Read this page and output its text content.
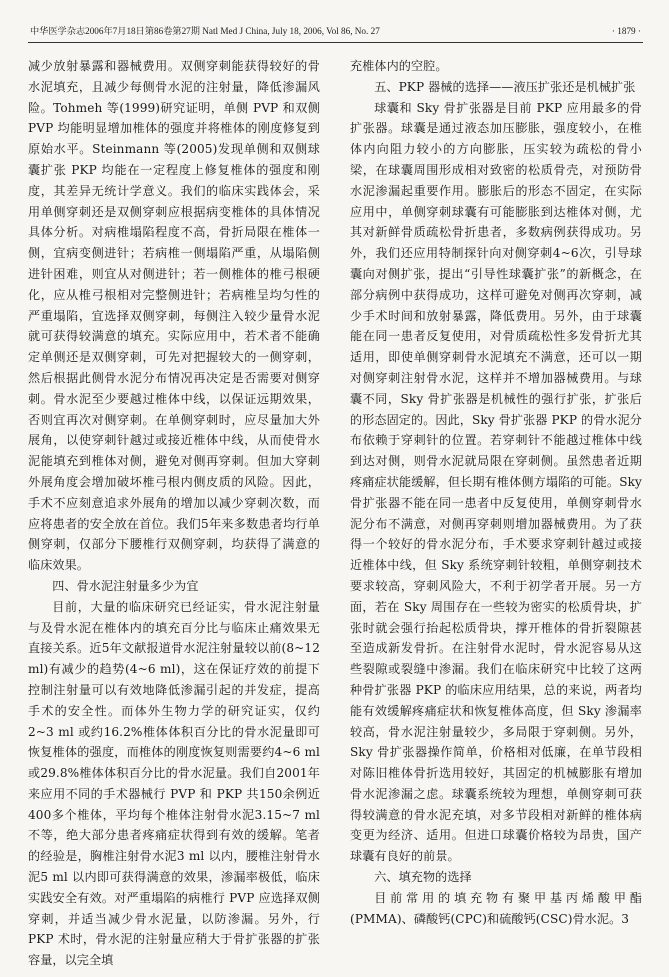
中华医学杂志2006年7月18日第86卷第27期 Natl Med J China, July 18, 2006, Vol 86, No. 27	· 1879 ·

减少放射暴露和器械费用。双侧穿刺能获得较好的骨水泥填充，且减少每侧骨水泥的注射量，降低渗漏风险。Tohmeh 等(1999)研究证明，单侧 PVP 和双侧 PVP 均能明显增加椎体的强度并将椎体的刚度修复到原始水平。Steinmann 等(2005)发现单侧和双侧球囊扩张 PKP 均能在一定程度上修复椎体的强度和刚度，其差异无统计学意义。我们的临床实践体会，采用单侧穿刺还是双侧穿刺应根据病变椎体的具体情况具体分析。对病椎塌陷程度不高，骨折局限在椎体一侧，宜病变侧进针；若病椎一侧塌陷严重，从塌陷侧进针困难，则宜从对侧进针；若一侧椎体的椎弓根硬化，应从椎弓根相对完整侧进针；若病椎呈均匀性的严重塌陷，宜选择双侧穿刺，每侧注入较少量骨水泥就可获得较满意的填充。实际应用中，若术者不能确定单侧还是双侧穿刺，可先对把握较大的一侧穿刺，然后根据此侧骨水泥分布情况再决定是否需要对侧穿刺。骨水泥至少要越过椎体中线，以保证远期效果，否则宜再次对侧穿刺。在单侧穿刺时，应尽量加大外展角，以使穿刺针越过或接近椎体中线，从而使骨水泥能填充到椎体对侧，避免对侧再穿刺。但加大穿刺外展角度会增加破坏椎弓根内侧皮质的风险。因此，手术不应刻意追求外展角的增加以减少穿刺次数，而应将患者的安全放在首位。我们5年来多数患者均行单侧穿刺，仅部分下腰椎行双侧穿刺，均获得了满意的临床效果。

四、骨水泥注射量多少为宜

目前，大量的临床研究已经证实，骨水泥注射量与及骨水泥在椎体内的填充百分比与临床止痛效果无直接关系。近5年文献报道骨水泥注射量较以前(8~12 ml)有减少的趋势(4~6 ml)，这在保证疗效的前提下控制注射量可以有效地降低渗漏引起的并发症，提高手术的安全性。而体外生物力学的研究证实，仅约2~3 ml 或约16.2%椎体体积百分比的骨水泥量即可恢复椎体的强度，而椎体的刚度恢复则需要约4~6 ml 或29.8%椎体体积百分比的骨水泥量。我们自2001年来应用不同的手术器械行 PVP 和 PKP 共150余例近400多个椎体，平均每个椎体注射骨水泥3.15~7 ml 不等，绝大部分患者疼痛症状得到有效的缓解。笔者的经验是，胸椎注射骨水泥3 ml 以内，腰椎注射骨水泥5 ml 以内即可获得满意的效果，渗漏率极低，临床实践安全有效。对严重塌陷的病椎行 PVP 应选择双侧穿刺，并适当减少骨水泥量，以防渗漏。另外，行 PKP 术时，骨水泥的注射量应稍大于骨扩张器的扩张容量，以完全填

充椎体内的空腔。

五、PKP 器械的选择——液压扩张还是机械扩张

球囊和 Sky 骨扩张器是目前 PKP 应用最多的骨扩张器。球囊是通过液态加压膨胀，强度较小，在椎体内向阻力较小的方向膨胀，压实较为疏松的骨小梁，在球囊周围形成相对致密的松质骨壳，对预防骨水泥渗漏起重要作用。膨胀后的形态不固定，在实际应用中，单侧穿刺球囊有可能膨胀到达椎体对侧，尤其对新鲜骨质疏松骨折患者，多数病例获得成功。另外，我们还应用特制探针向对侧穿刺4~6次，引导球囊向对侧扩张，提出“引导性球囊扩张”的新概念，在部分病例中获得成功，这样可避免对侧再次穿刺，减少手术时间和放射暴露，降低费用。另外，由于球囊能在同一患者反复使用，对骨质疏松性多发骨折尤其适用，即使单侧穿刺骨水泥填充不满意，还可以一期对侧穿刺注射骨水泥，这样并不增加器械费用。与球囊不同，Sky 骨扩张器是机械性的强行扩张，扩张后的形态固定的。因此，Sky 骨扩张器 PKP 的骨水泥分布依赖于穿刺针的位置。若穿刺针不能越过椎体中线到达对侧，则骨水泥就局限在穿刺侧。虽然患者近期疼痛症状能缓解，但长期有椎体侧方塌陷的可能。Sky 骨扩张器不能在同一患者中反复使用，单侧穿刺骨水泥分布不满意，对侧再穿刺则增加器械费用。为了获得一个较好的骨水泥分布，手术要求穿刺针越过或接近椎体中线，但 Sky 系统穿刺针较粗，单侧穿刺技术要求较高，穿刺风险大，不利于初学者开展。另一方面，若在 Sky 周围存在一些较为密实的松质骨块，扩张时就会强行抬起松质骨块，撑开椎体的骨折裂隙甚至造成新发骨折。在注射骨水泥时，骨水泥容易从这些裂隙或裂缝中渗漏。我们在临床研究中比较了这两种骨扩张器 PKP 的临床应用结果，总的来说，两者均能有效缓解疼痛症状和恢复椎体高度，但 Sky 渗漏率较高，骨水泥注射量较少，多局限于穿刺侧。另外，Sky 骨扩张器操作简单，价格相对低廉，在单节段相对陈旧椎体骨折选用较好，其固定的机械膨胀有增加骨水泥渗漏之虑。球囊系统较为理想，单侧穿刺可获得较满意的骨水泥充填，对多节段相对新鲜的椎体病变更为经济、适用。但进口球囊价格较为昂贵，国产球囊有良好的前景。

六、填充物的选择

目前常用的填充物有聚甲基丙烯酸甲酯(PMMA)、磷酸钙(CPC)和硫酸钙(CSC)骨水泥。3
